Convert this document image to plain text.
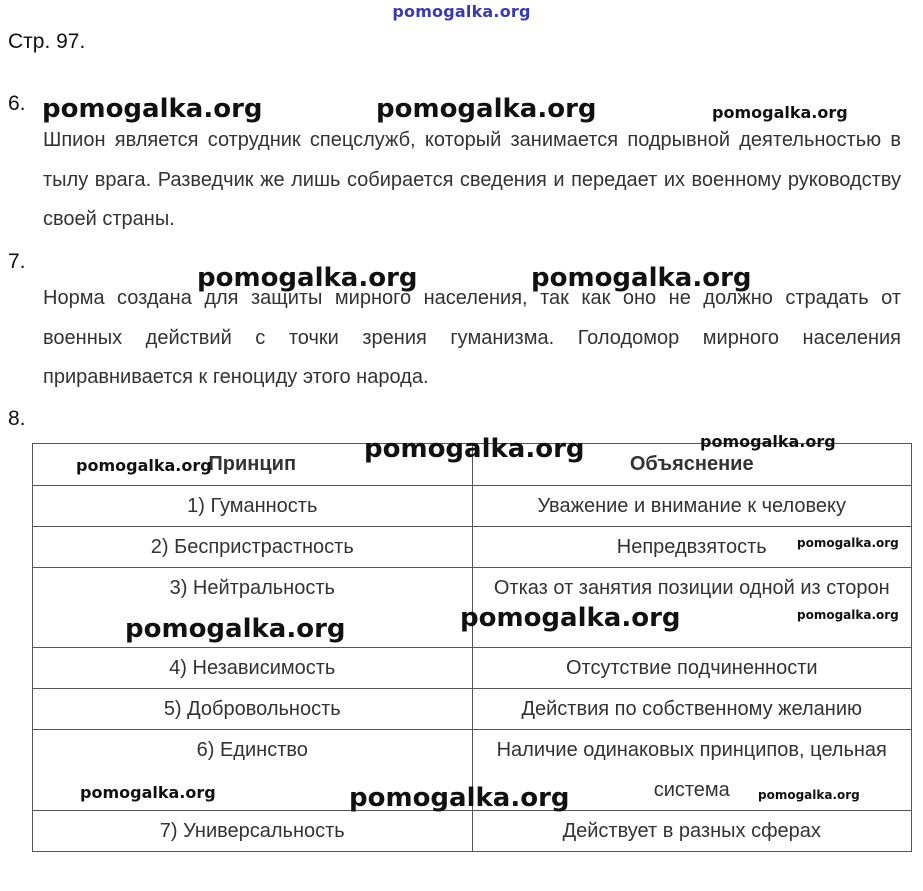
pomogalka.org
Стр. 97.
6.
Шпион является сотрудник спецслужб, который занимается подрывной деятельностью в тылу врага. Разведчик же лишь собирается сведения и передает их военному руководству своей страны.
7.
Норма создана для защиты мирного населения, так как оно не должно страдать от военных действий с точки зрения гуманизма. Голодомор мирного населения приравнивается к геноциду этого народа.
8.
Принцип	Объяснение
1) Гуманность	Уважение и внимание к человеку
2) Беспристрастность	Непредвзятость
3) Нейтральность	Отказ от занятия позиции одной из сторон
4) Независимость	Отсутствие подчиненности
5) Добровольность	Действия по собственному желанию
6) Единство	Наличие одинаковых принципов, цельная система
7) Универсальность	Действует в разных сферах
pomogalka.org	pomogalka.org	pomogalka.org
pomogalka.org	pomogalka.org
pomogalka.org	pomogalka.org
pomogalka.org
pomogalka.org
pomogalka.org	pomogalka.org	pomogalka.org
pomogalka.org	pomogalka.org	pomogalka.org
